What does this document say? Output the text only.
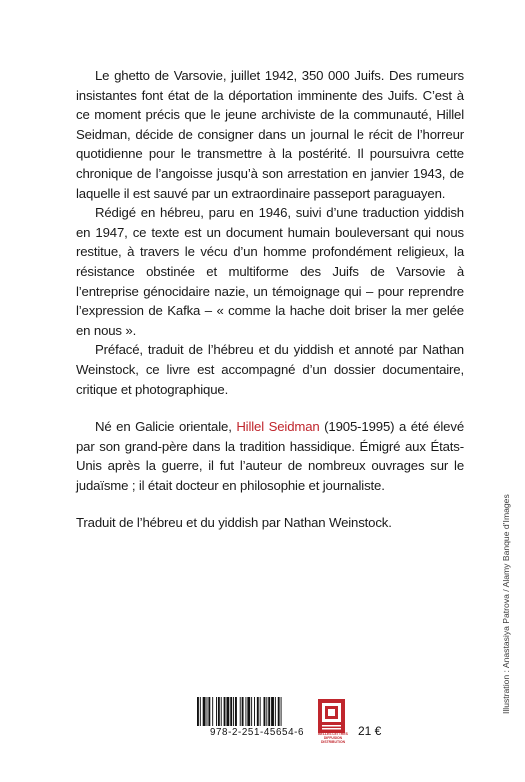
Le ghetto de Varsovie, juillet 1942, 350 000 Juifs. Des rumeurs insistantes font état de la déportation imminente des Juifs. C’est à ce moment précis que le jeune archiviste de la communauté, Hillel Seidman, décide de consigner dans un journal le récit de l’horreur quotidienne pour le transmettre à la postérité. Il poursuivra cette chronique de l’angoisse jusqu’à son arrestation en janvier 1943, de laquelle il est sauvé par un extraordinaire passeport paraguayen.

Rédigé en hébreu, paru en 1946, suivi d’une traduction yiddish en 1947, ce texte est un document humain bouleversant qui nous restitue, à travers le vécu d’un homme profondément religieux, la résistance obstinée et multiforme des Juifs de Varsovie à l’entreprise génocidaire nazie, un témoignage qui – pour reprendre l’expression de Kafka – « comme la hache doit briser la mer gelée en nous ».

Préfacé, traduit de l’hébreu et du yiddish et annoté par Nathan Weinstock, ce livre est accompagné d’un dossier documentaire, critique et photographique.

Né en Galicie orientale, Hillel Seidman (1905-1995) a été élevé par son grand-père dans la tradition hassidique. Émigré aux États-Unis après la guerre, il fut l’auteur de nombreux ouvrages sur le judaïsme ; il était docteur en philosophie et journaliste.

Traduit de l’hébreu et du yiddish par Nathan Weinstock.	Illustration : Anastasiya Patrova / Alamy Banque d’Images
978-2-251-45654-6	BELLES LETTRES
DIFFUSION
DISTRIBUTION
21 €
